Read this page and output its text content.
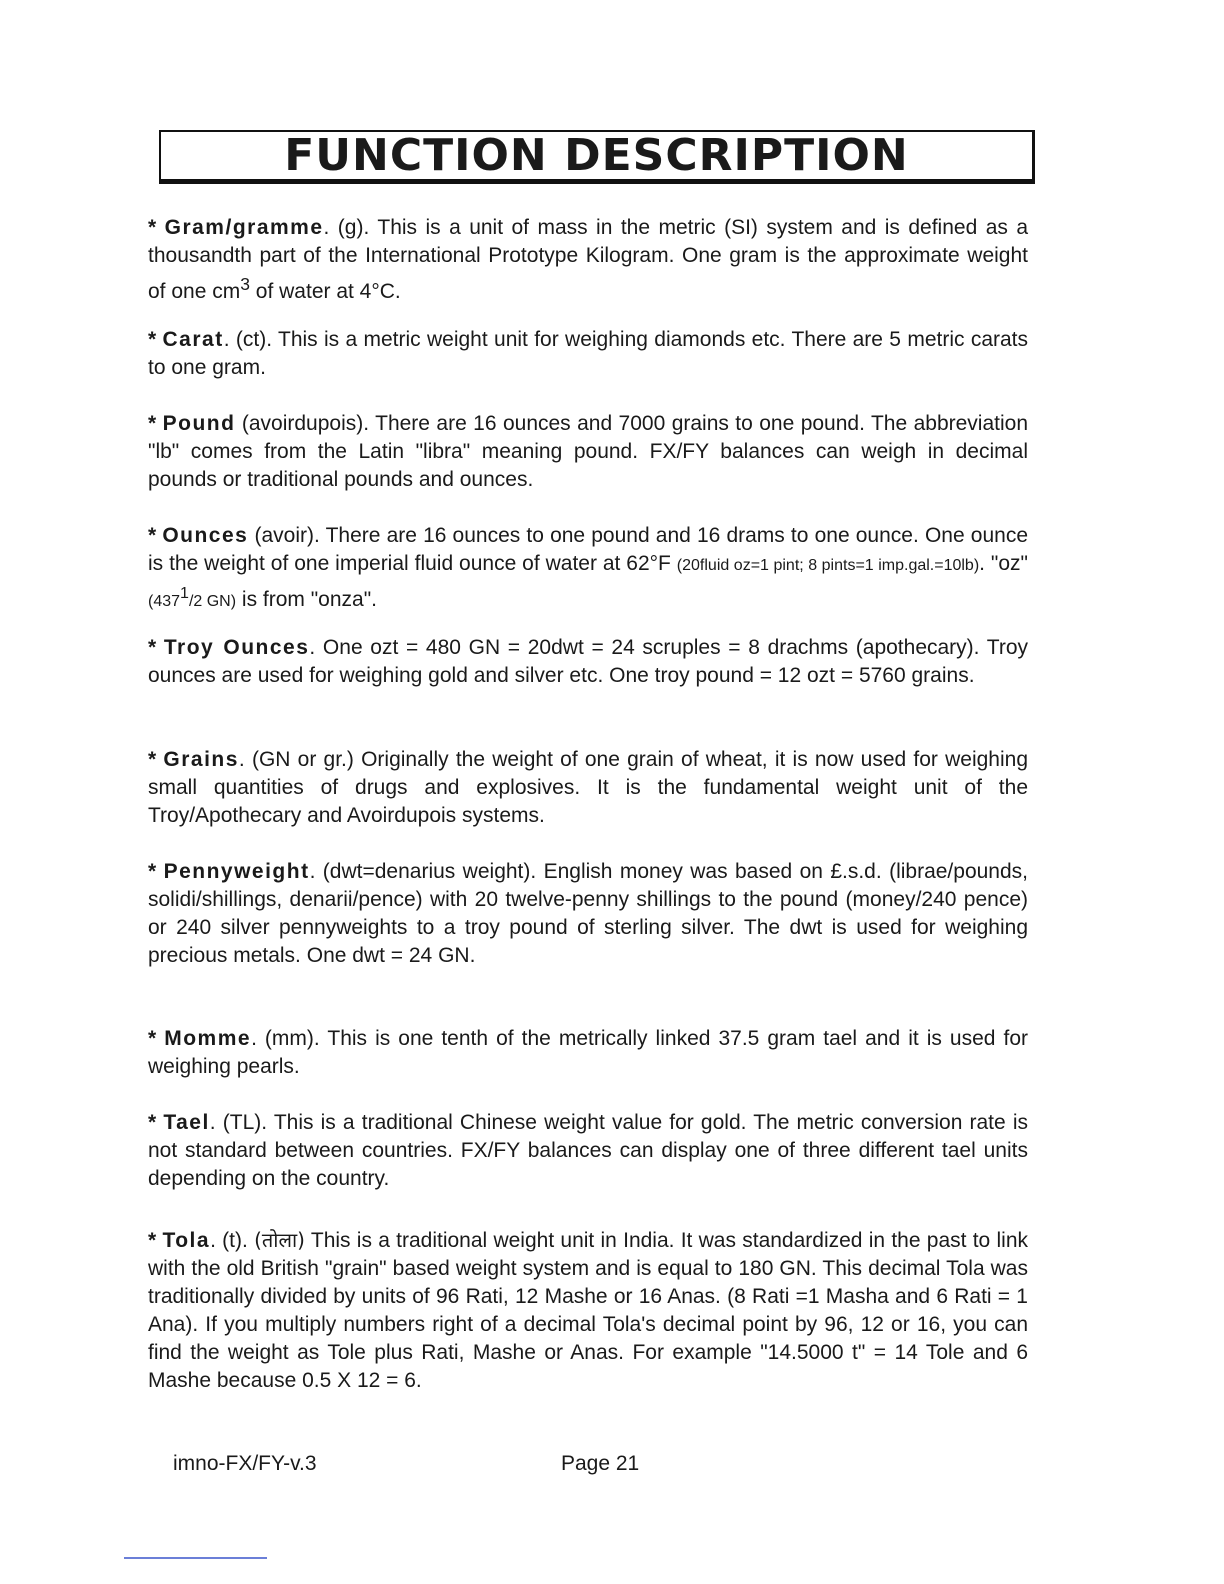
FUNCTION DESCRIPTION

* Gram/gramme. (g). This is a unit of mass in the metric (SI) system and is defined as a thousandth part of the International Prototype Kilogram. One gram is the approximate weight of one $cm^3$ of water at 4°C.

* Carat. (ct). This is a metric weight unit for weighing diamonds etc. There are 5 metric carats to one gram.

* Pound (avoirdupois). There are 16 ounces and 7000 grains to one pound. The abbreviation "lb" comes from the Latin "libra" meaning pound. FX/FY balances can weigh in decimal pounds or traditional pounds and ounces.

* Ounces (avoir). There are 16 ounces to one pound and 16 drams to one ounce. One ounce is the weight of one imperial fluid ounce of water at 62°F (20fluid oz=1 pint; 8 pints=1 imp.gal.=10lb). "oz" ($437^1/2$ GN) is from "onza".

* Troy Ounces. One ozt = 480 GN = 20dwt = 24 scruples = 8 drachms (apothecary). Troy ounces are used for weighing gold and silver etc. One troy pound = 12 ozt = 5760 grains.

* Grains. (GN or gr.) Originally the weight of one grain of wheat, it is now used for weighing small quantities of drugs and explosives. It is the fundamental weight unit of the Troy/Apothecary and Avoirdupois systems.

* Pennyweight. (dwt=denarius weight). English money was based on £.s.d. (librae/pounds, solidi/shillings, denarii/pence) with 20 twelve-penny shillings to the pound (money/240 pence) or 240 silver pennyweights to a troy pound of sterling silver. The dwt is used for weighing precious metals. One dwt = 24 GN.

* Momme. (mm). This is one tenth of the metrically linked 37.5 gram tael and it is used for weighing pearls.

* Tael. (TL). This is a traditional Chinese weight value for gold. The metric conversion rate is not standard between countries. FX/FY balances can display one of three different tael units depending on the country.

* Tola. (t). (तोला) This is a traditional weight unit in India. It was standardized in the past to link with the old British "grain" based weight system and is equal to 180 GN. This decimal Tola was traditionally divided by units of 96 Rati, 12 Mashe or 16 Anas. (8 Rati =1 Masha and 6 Rati = 1 Ana). If you multiply numbers right of a decimal Tola's decimal point by 96, 12 or 16, you can find the weight as Tole plus Rati, Mashe or Anas. For example "14.5000 t" = 14 Tole and 6 Mashe because 0.5 X 12 = 6.

imno-FX/FY-v.3	Page 21
